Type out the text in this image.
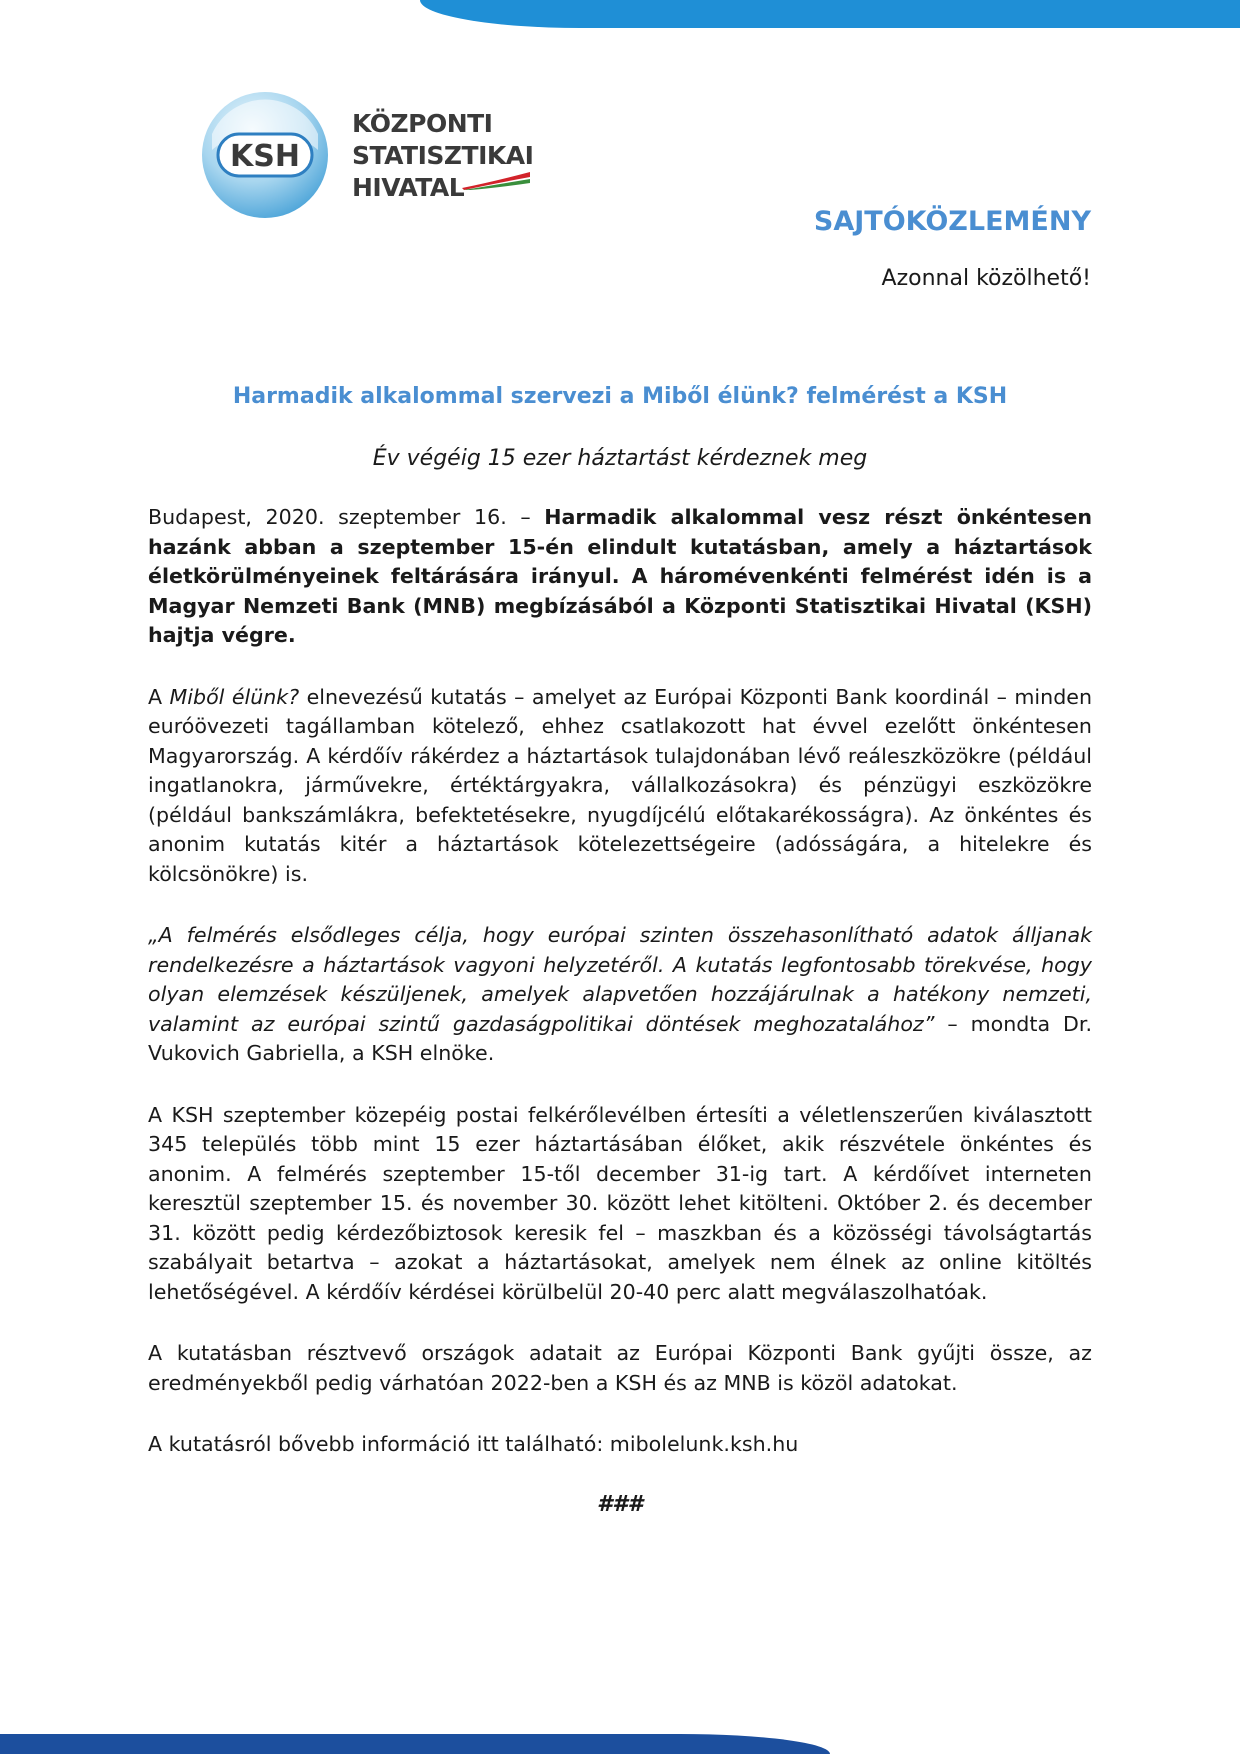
KSH
KÖZPONTI
STATISZTIKAI
HIVATAL
SAJTÓKÖZLEMÉNY
Azonnal közölhető!
Harmadik alkalommal szervezi a Miből élünk? felmérést a KSH
Év végéig 15 ezer háztartást kérdeznek meg

Budapest, 2020. szeptember 16. – Harmadik alkalommal vesz részt önkéntesen hazánk abban a szeptember 15-én elindult kutatásban, amely a háztartások életkörülményeinek feltárására irányul. A háromévenkénti felmérést idén is a Magyar Nemzeti Bank (MNB) megbízásából a Központi Statisztikai Hivatal (KSH) hajtja végre.

A Miből élünk? elnevezésű kutatás – amelyet az Európai Központi Bank koordinál – minden euróövezeti tagállamban kötelező, ehhez csatlakozott hat évvel ezelőtt önkéntesen Magyarország. A kérdőív rákérdez a háztartások tulajdonában lévő reáleszközökre (például ingatlanokra, járművekre, értéktárgyakra, vállalkozásokra) és pénzügyi eszközökre (például bankszámlákra, befektetésekre, nyugdíjcélú előtakarékosságra). Az önkéntes és anonim kutatás kitér a háztartások kötelezettségeire (adósságára, a hitelekre és kölcsönökre) is.

„A felmérés elsődleges célja, hogy európai szinten összehasonlítható adatok álljanak rendelkezésre a háztartások vagyoni helyzetéről. A kutatás legfontosabb törekvése, hogy olyan elemzések készüljenek, amelyek alapvetően hozzájárulnak a hatékony nemzeti, valamint az európai szintű gazdaságpolitikai döntések meghozatalához” – mondta Dr. Vukovich Gabriella, a KSH elnöke.

A KSH szeptember közepéig postai felkérőlevélben értesíti a véletlenszerűen kiválasztott 345 település több mint 15 ezer háztartásában élőket, akik részvétele önkéntes és anonim. A felmérés szeptember 15-től december 31-ig tart. A kérdőívet interneten keresztül szeptember 15. és november 30. között lehet kitölteni. Október 2. és december 31. között pedig kérdezőbiztosok keresik fel – maszkban és a közösségi távolságtartás szabályait betartva – azokat a háztartásokat, amelyek nem élnek az online kitöltés lehetőségével. A kérdőív kérdései körülbelül 20-40 perc alatt megválaszolhatóak.

A kutatásban résztvevő országok adatait az Európai Központi Bank gyűjti össze, az eredményekből pedig várhatóan 2022-ben a KSH és az MNB is közöl adatokat.

A kutatásról bővebb információ itt található: mibolelunk.ksh.hu

###
